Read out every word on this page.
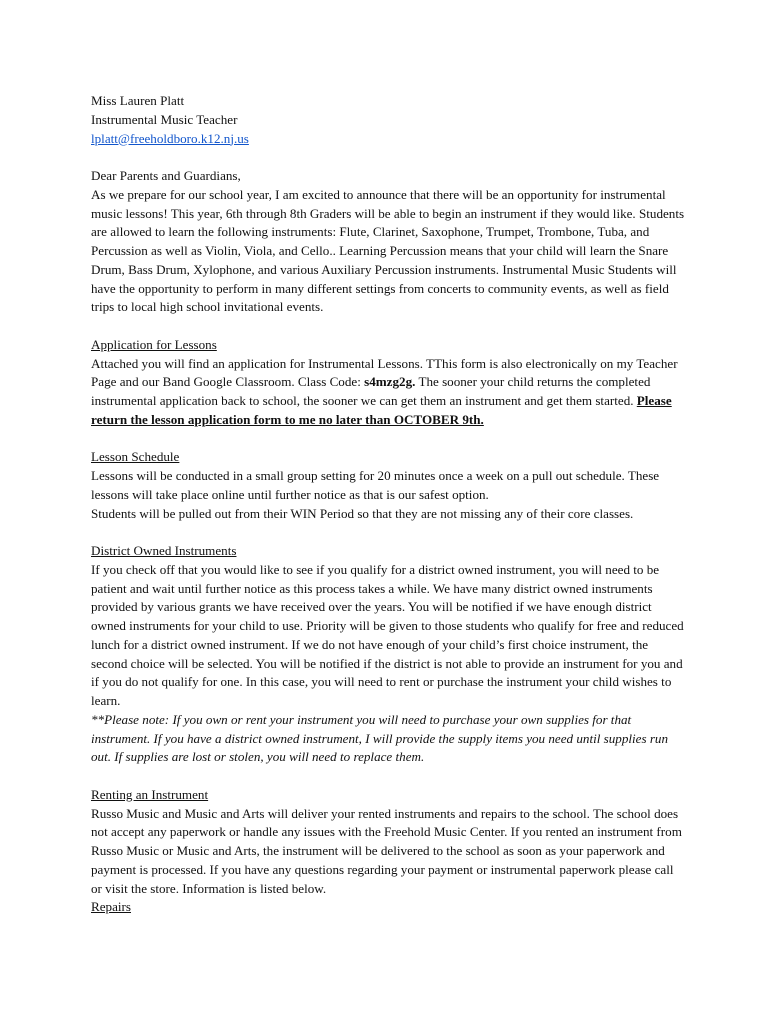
Miss Lauren Platt

Instrumental Music Teacher

lplatt@freeholdboro.k12.nj.us

Dear Parents and Guardians,

As we prepare for our school year, I am excited to announce that there will be an opportunity for instrumental music lessons! This year, 6th through 8th Graders will be able to begin an instrument if they would like. Students are allowed to learn the following instruments: Flute, Clarinet, Saxophone, Trumpet, Trombone, Tuba, and Percussion as well as Violin, Viola, and Cello.. Learning Percussion means that your child will learn the Snare Drum, Bass Drum, Xylophone, and various Auxiliary Percussion instruments. Instrumental Music Students will have the opportunity to perform in many different settings from concerts to community events, as well as field trips to local high school invitational events.

Application for Lessons

Attached you will find an application for Instrumental Lessons. TThis form is also electronically on my Teacher Page and our Band Google Classroom. Class Code: s4mzg2g. The sooner your child returns the completed instrumental application back to school, the sooner we can get them an instrument and get them started. Please return the lesson application form to me no later than OCTOBER 9th.

Lesson Schedule

Lessons will be conducted in a small group setting for 20 minutes once a week on a pull out schedule. These lessons will take place online until further notice as that is our safest option.

Students will be pulled out from their WIN Period so that they are not missing any of their core classes.

District Owned Instruments

If you check off that you would like to see if you qualify for a district owned instrument, you will need to be patient and wait until further notice as this process takes a while. We have many district owned instruments provided by various grants we have received over the years. You will be notified if we have enough district owned instruments for your child to use. Priority will be given to those students who qualify for free and reduced lunch for a district owned instrument. If we do not have enough of your child’s first choice instrument, the second choice will be selected. You will be notified if the district is not able to provide an instrument for you and if you do not qualify for one. In this case, you will need to rent or purchase the instrument your child wishes to learn.

**Please note: If you own or rent your instrument you will need to purchase your own supplies for that instrument. If you have a district owned instrument, I will provide the supply items you need until supplies run out. If supplies are lost or stolen, you will need to replace them.

Renting an Instrument

Russo Music and Music and Arts will deliver your rented instruments and repairs to the school. The school does not accept any paperwork or handle any issues with the Freehold Music Center. If you rented an instrument from Russo Music or Music and Arts, the instrument will be delivered to the school as soon as your paperwork and payment is processed. If you have any questions regarding your payment or instrumental paperwork please call or visit the store. Information is listed below.

Repairs
